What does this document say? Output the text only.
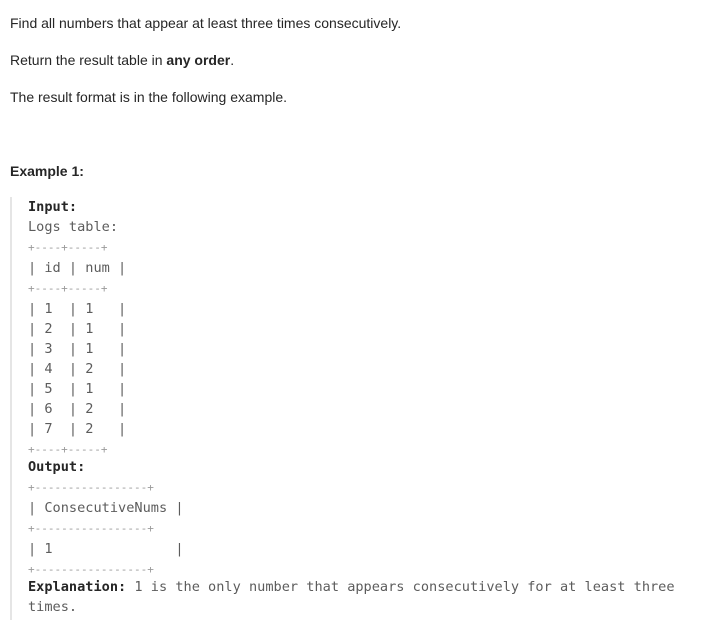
Find all numbers that appear at least three times consecutively.

Return the result table in any order.

The result format is in the following example.

Example 1:

Input:
Logs table:
+----+-----+
| id | num |
+----+-----+
| 1  | 1   |
| 2  | 1   |
| 3  | 1   |
| 4  | 2   |
| 5  | 1   |
| 6  | 2   |
| 7  | 2   |
+----+-----+
Output:
+-----------------+
| ConsecutiveNums |
+-----------------+
| 1               |
+-----------------+
Explanation: 1 is the only number that appears consecutively for at least three
times.
